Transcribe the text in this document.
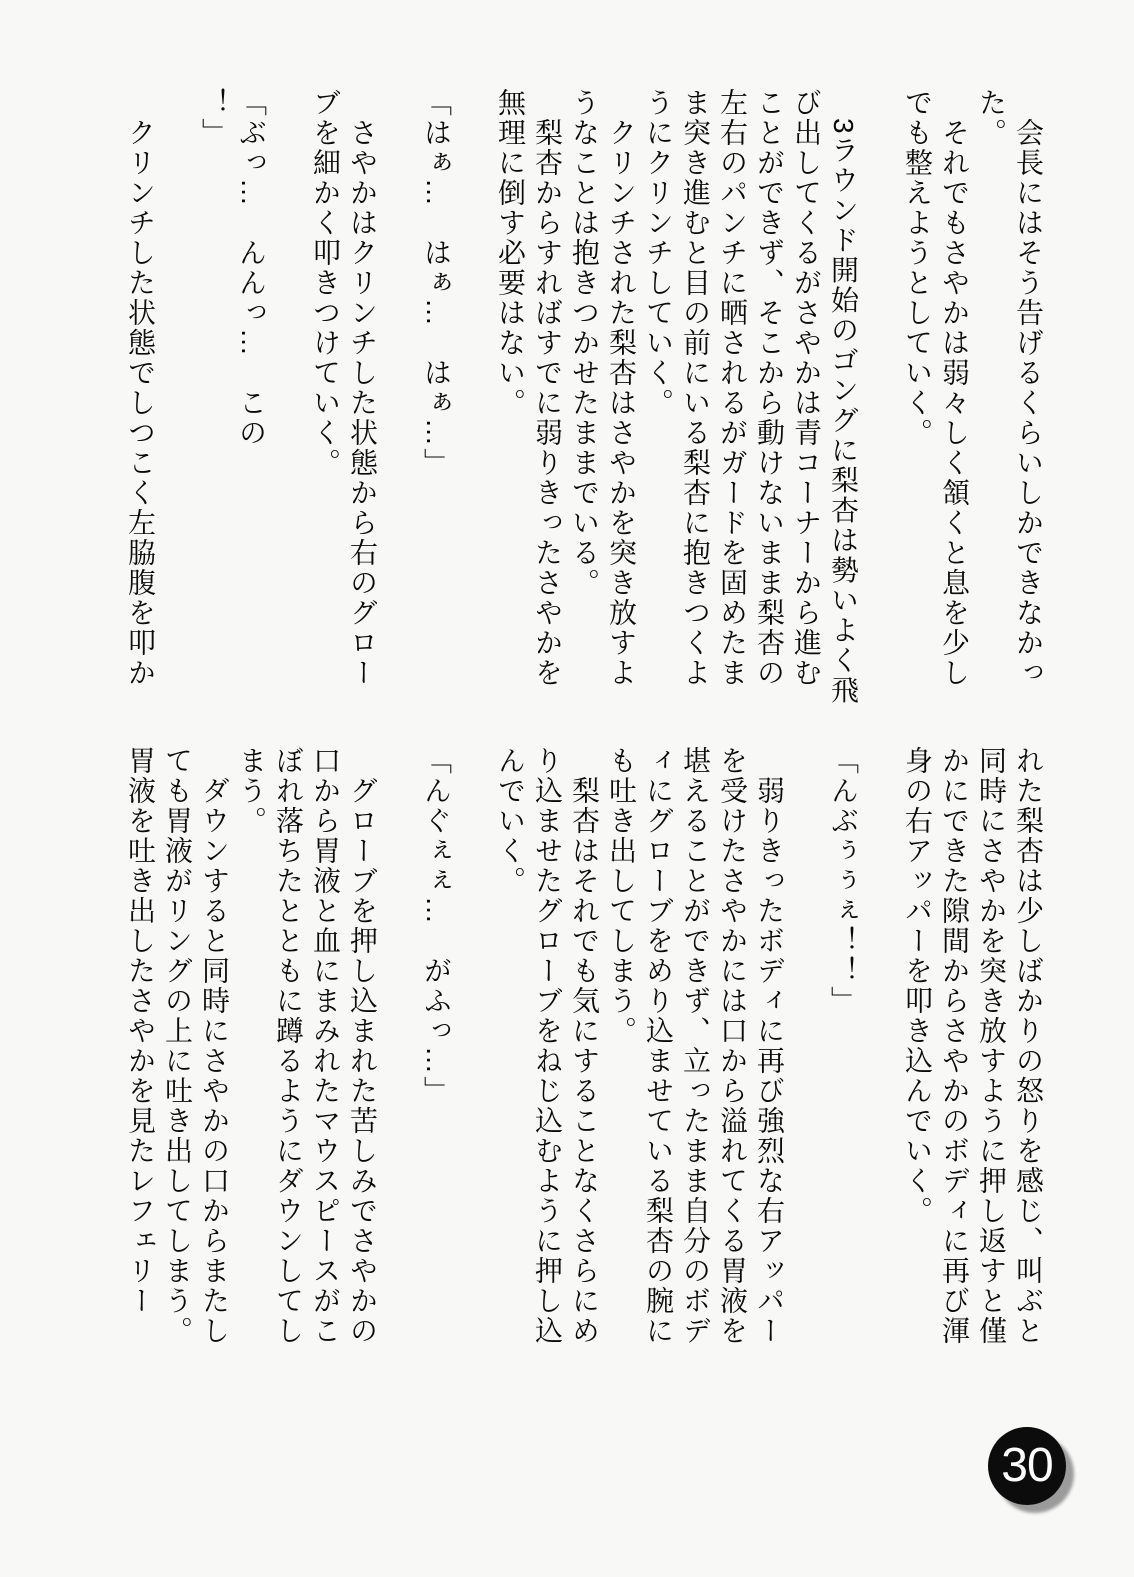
　会長にはそう告げるくらいしかできなかっ

た。

　それでもさやかは弱々しく頷くと息を少し

でも整えようとしていく。

　3ラウンド開始のゴングに梨杏は勢いよく飛

び出してくるがさやかは青コーナーから進む

ことができず、そこから動けないまま梨杏の

左右のパンチに晒されるがガードを固めたま

ま突き進むと目の前にいる梨杏に抱きつくよ

うにクリンチしていく。

　クリンチされた梨杏はさやかを突き放すよ

うなことは抱きつかせたままでいる。

　梨杏からすればすでに弱りきったさやかを

無理に倒す必要はない。

「はぁ…　はぁ…　はぁ…」

　さやかはクリンチした状態から右のグロー

ブを細かく叩きつけていく。

「ぶっ…　んんっ…　この

！」

　クリンチした状態でしつこく左脇腹を叩か

れた梨杏は少しばかりの怒りを感じ、叫ぶと

同時にさやかを突き放すように押し返すと僅

かにできた隙間からさやかのボディに再び渾

身の右アッパーを叩き込んでいく。

「んぶぅぅぇ！！」

　弱りきったボディに再び強烈な右アッパー

を受けたさやかには口から溢れてくる胃液を

堪えることができず、立ったまま自分のボデ

ィにグローブをめり込ませている梨杏の腕に

も吐き出してしまう。

　梨杏はそれでも気にすることなくさらにめ

り込ませたグローブをねじ込むように押し込

んでいく。

「んぐぇぇ…　がふっ…」

　グローブを押し込まれた苦しみでさやかの

口から胃液と血にまみれたマウスピースがこ

ぼれ落ちたとともに蹲るようにダウンしてし

まう。

　ダウンすると同時にさやかの口からまたし

ても胃液がリングの上に吐き出してしまう。

胃液を吐き出したさやかを見たレフェリー

30
